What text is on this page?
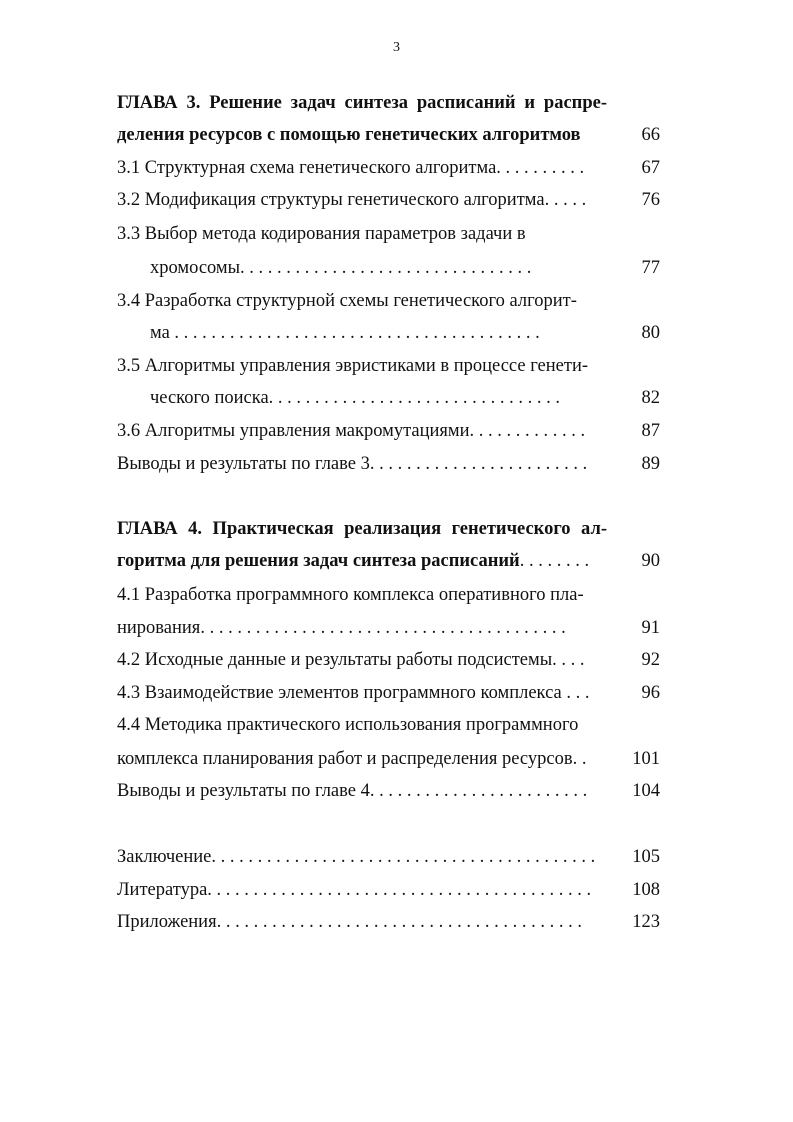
3
ГЛАВА 3. Решение задач синтеза расписаний и распре-
деления ресурсов с помощью генетических алгоритмов	66
3.1 Структурная схема генетического алгоритма. . . . . . . . . .	67
3.2 Модификация структуры генетического алгоритма. . . . .	76
3.3 Выбор метода кодирования параметров задачи в
хромосомы. . . . . . . . . . . . . . . . . . . . . . . . . . . . . . . .	77
3.4 Разработка структурной схемы генетического алгорит-
ма . . . . . . . . . . . . . . . . . . . . . . . . . . . . . . . . . . . . . . . .	80
3.5 Алгоритмы управления эвристиками в процессе генети-
ческого поиска. . . . . . . . . . . . . . . . . . . . . . . . . . . . . . . .	82
3.6 Алгоритмы управления макромутациями. . . . . . . . . . . . .	87
Выводы и результаты по главе 3. . . . . . . . . . . . . . . . . . . . . . . .	89
ГЛАВА 4. Практическая реализация генетического ал-
горитма для решения задач синтеза расписаний. . . . . . . .	90
4.1 Разработка программного комплекса оперативного пла-
нирования. . . . . . . . . . . . . . . . . . . . . . . . . . . . . . . . . . . . . . . .	91
4.2 Исходные данные и результаты работы подсистемы. . . .	92
4.3 Взаимодействие элементов программного комплекса . . .	96
4.4 Методика практического использования программного
комплекса планирования работ и распределения ресурсов. .	101
Выводы и результаты по главе 4. . . . . . . . . . . . . . . . . . . . . . . .	104
Заключение. . . . . . . . . . . . . . . . . . . . . . . . . . . . . . . . . . . . . . . . . .	105
Литература. . . . . . . . . . . . . . . . . . . . . . . . . . . . . . . . . . . . . . . . . .	108
Приложения. . . . . . . . . . . . . . . . . . . . . . . . . . . . . . . . . . . . . . . .	123
